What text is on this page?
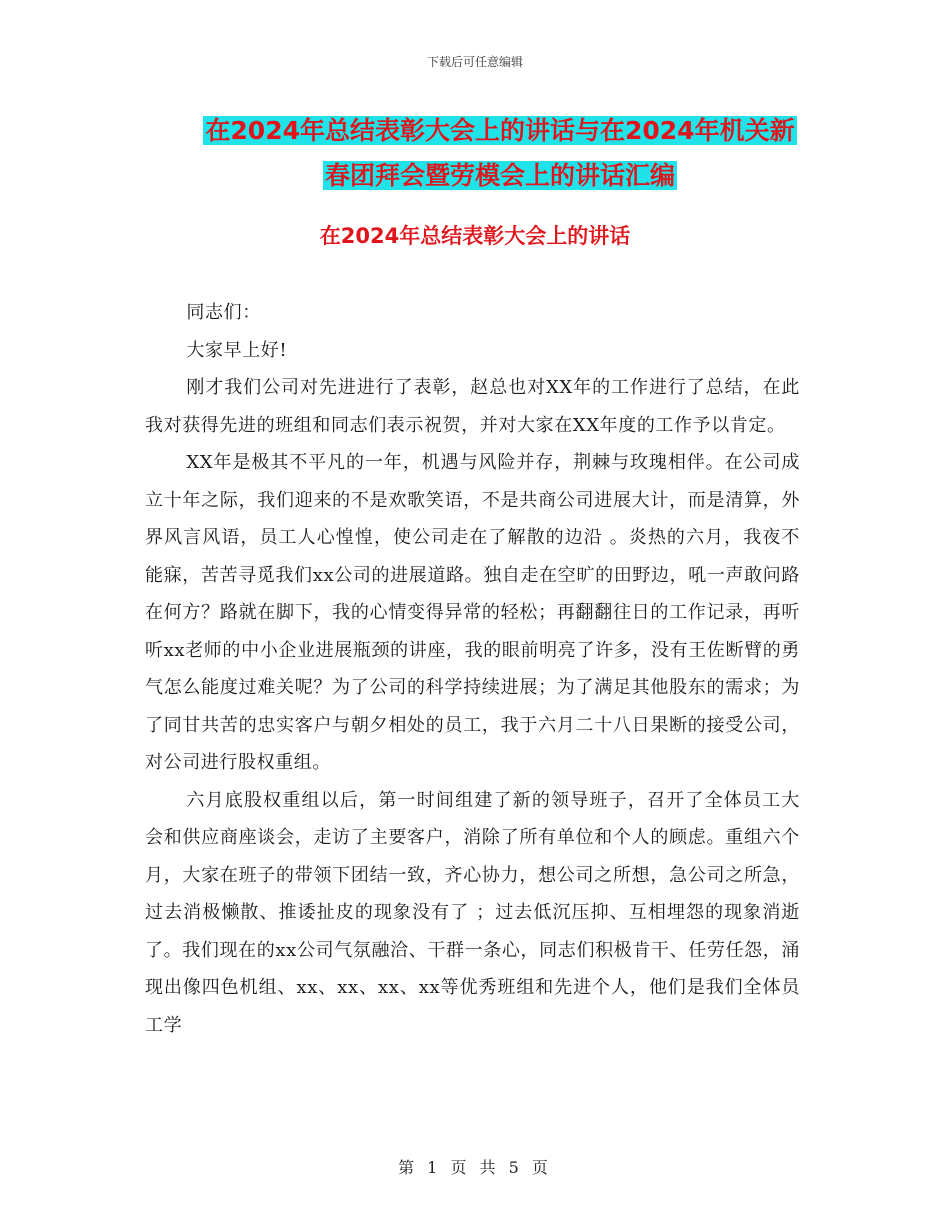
下载后可任意编辑
在2024年总结表彰大会上的讲话与在2024年机关新
春团拜会暨劳模会上的讲话汇编
在2024年总结表彰大会上的讲话

同志们：

大家早上好!

刚才我们公司对先进进行了表彰，赵总也对XX年的工作进行了总结，在此我对获得先进的班组和同志们表示祝贺，并对大家在XX年度的工作予以肯定。

XX年是极其不平凡的一年，机遇与风险并存，荆棘与玫瑰相伴。在公司成立十年之际，我们迎来的不是欢歌笑语，不是共商公司进展大计，而是清算，外界风言风语，员工人心惶惶，使公司走在了解散的边沿 。炎热的六月，我夜不能寐，苦苦寻觅我们xx公司的进展道路。独自走在空旷的田野边，吼一声敢问路在何方？路就在脚下，我的心情变得异常的轻松；再翻翻往日的工作记录，再听听xx老师的中小企业进展瓶颈的讲座，我的眼前明亮了许多，没有王佐断臂的勇气怎么能度过难关呢？为了公司的科学持续进展；为了满足其他股东的需求；为了同甘共苦的忠实客户与朝夕相处的员工，我于六月二十八日果断的接受公司，对公司进行股权重组。

六月底股权重组以后，第一时间组建了新的领导班子，召开了全体员工大会和供应商座谈会，走访了主要客户，消除了所有单位和个人的顾虑。重组六个月，大家在班子的带领下团结一致，齐心协力，想公司之所想，急公司之所急，过去消极懒散、推诿扯皮的现象没有了 ；过去低沉压抑、互相埋怨的现象消逝了。我们现在的xx公司气氛融洽、干群一条心，同志们积极肯干、任劳任怨，涌现出像四色机组、xx、xx、xx、xx等优秀班组和先进个人，他们是我们全体员工学

第 1 页 共 5 页
